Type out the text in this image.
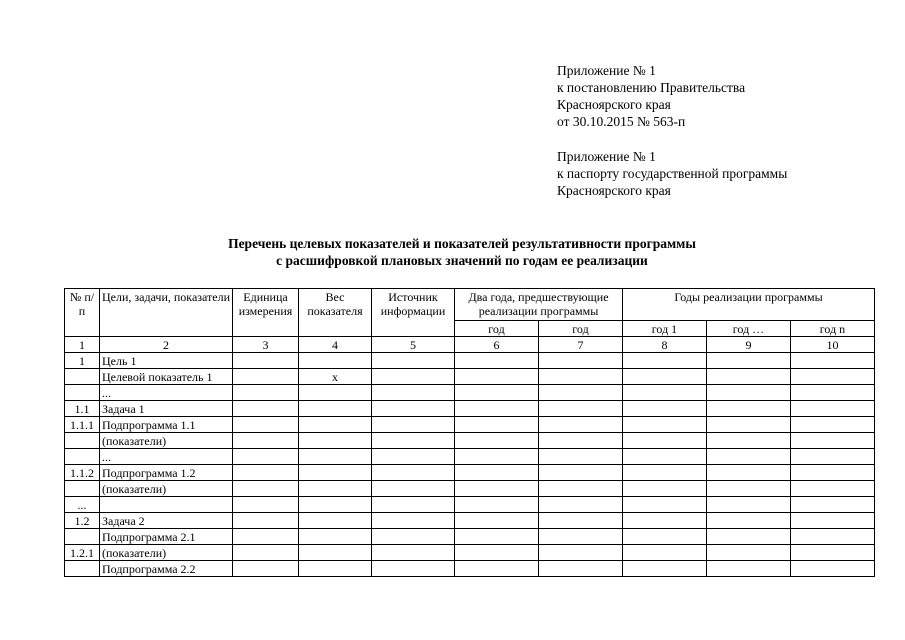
Приложение № 1
к постановлению Правительства
Красноярского края
от 30.10.2015 № 563-п
Приложение № 1
к паспорту государственной программы
Красноярского края
Перечень целевых показателей и показателей результативности программы
с расшифровкой плановых значений по годам ее реализации
№ п/п	Цели, задачи, показатели	Единица измерения	Вес показателя	Источник информации	Два года, предшествующие реализации программы		Годы реализации программы		
					год	год	год 1	год …	год n
1	2	3	4	5	6	7	8	9	10
1	Цель 1								
	Целевой показатель 1		x						
	...								
1.1	Задача 1								
1.1.1	Подпрограмма 1.1								
	(показатели)								
	...								
1.1.2	Подпрограмма 1.2								
	(показатели)								
...									
1.2	Задача 2								
	Подпрограмма 2.1								
1.2.1	(показатели)								
	Подпрограмма 2.2								
